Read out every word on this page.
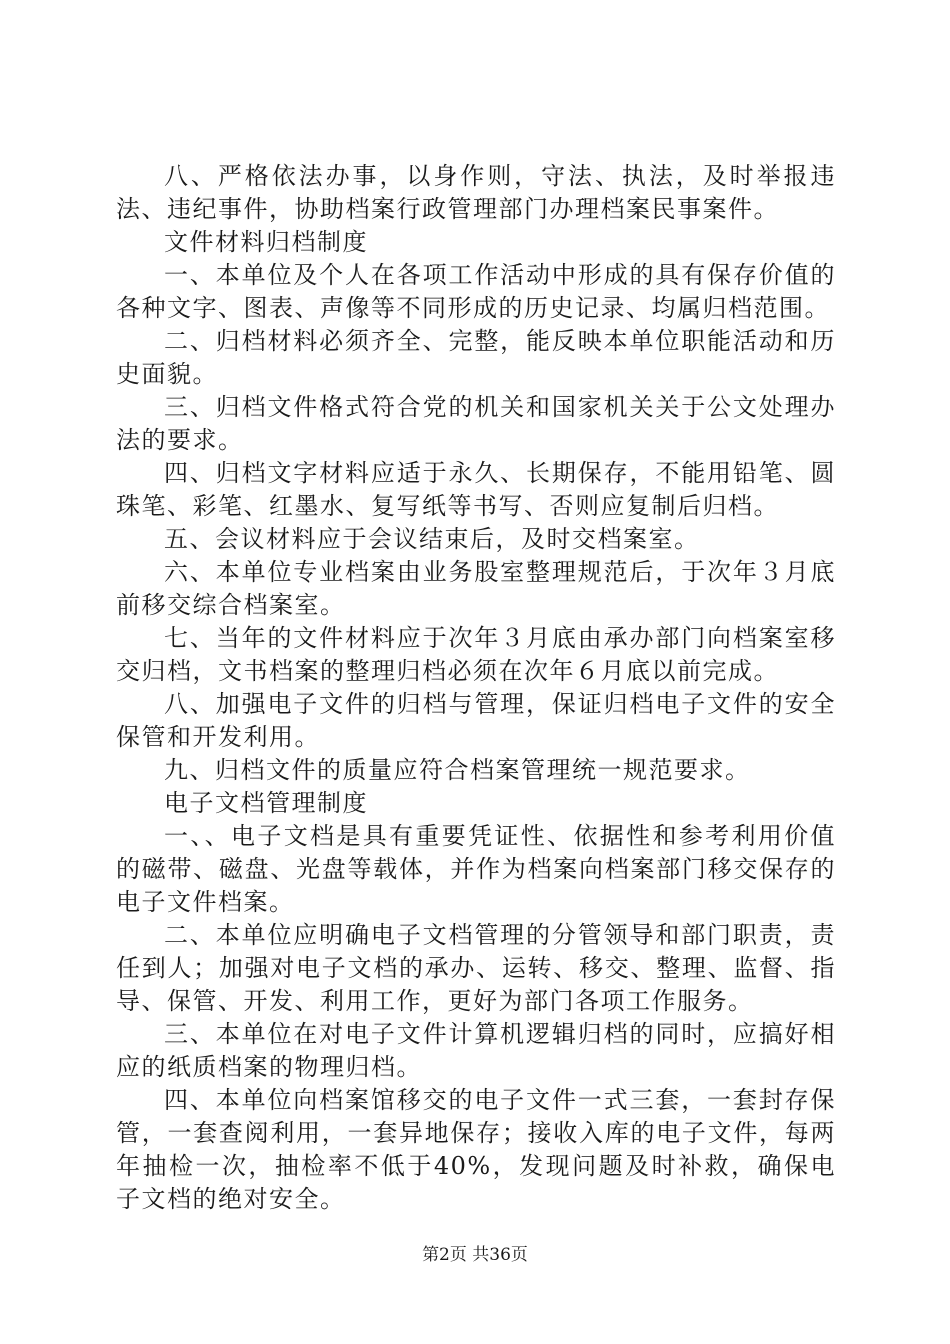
八、严格依法办事，以身作则，守法、执法，及时举报违法、违纪事件，协助档案行政管理部门办理档案民事案件。

文件材料归档制度

一、本单位及个人在各项工作活动中形成的具有保存价值的各种文字、图表、声像等不同形成的历史记录、均属归档范围。

二、归档材料必须齐全、完整，能反映本单位职能活动和历史面貌。

三、归档文件格式符合党的机关和国家机关关于公文处理办法的要求。

四、归档文字材料应适于永久、长期保存，不能用铅笔、圆珠笔、彩笔、红墨水、复写纸等书写、否则应复制后归档。

五、会议材料应于会议结束后，及时交档案室。

六、本单位专业档案由业务股室整理规范后，于次年３月底前移交综合档案室。

七、当年的文件材料应于次年３月底由承办部门向档案室移交归档，文书档案的整理归档必须在次年６月底以前完成。

八、加强电子文件的归档与管理，保证归档电子文件的安全保管和开发利用。

九、归档文件的质量应符合档案管理统一规范要求。

电子文档管理制度

一、、电子文档是具有重要凭证性、依据性和参考利用价值的磁带、磁盘、光盘等载体，并作为档案向档案部门移交保存的电子文件档案。

二、本单位应明确电子文档管理的分管领导和部门职责，责任到人；加强对电子文档的承办、运转、移交、整理、监督、指导、保管、开发、利用工作，更好为部门各项工作服务。

三、本单位在对电子文件计算机逻辑归档的同时，应搞好相应的纸质档案的物理归档。

四、本单位向档案馆移交的电子文件一式三套，一套封存保管，一套查阅利用，一套异地保存；接收入库的电子文件，每两年抽检一次，抽检率不低于40%，发现问题及时补救，确保电子文档的绝对安全。

第2页 共36页
